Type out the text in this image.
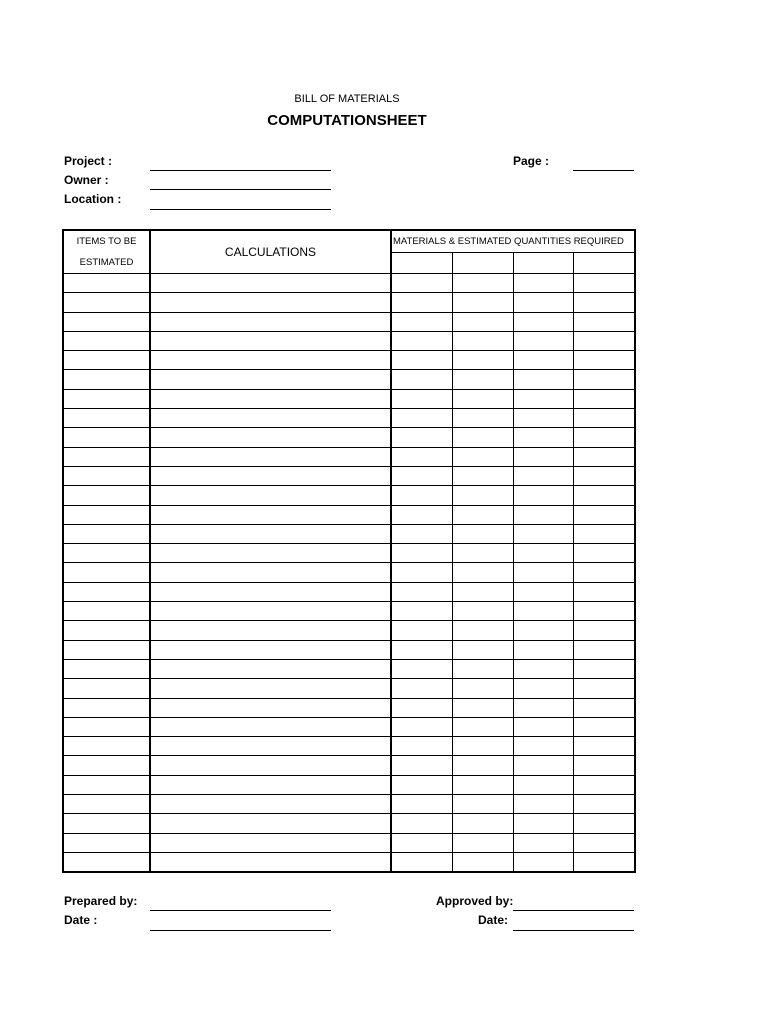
BILL OF MATERIALS
COMPUTATIONSHEET
Project :
Owner :
Location :
Page :
ITEMS TO BE
ESTIMATED	CALCULATIONS	MATERIALS & ESTIMATED QUANTITIES REQUIRED			

Prepared by:
Date :
Approved by:
Date:
